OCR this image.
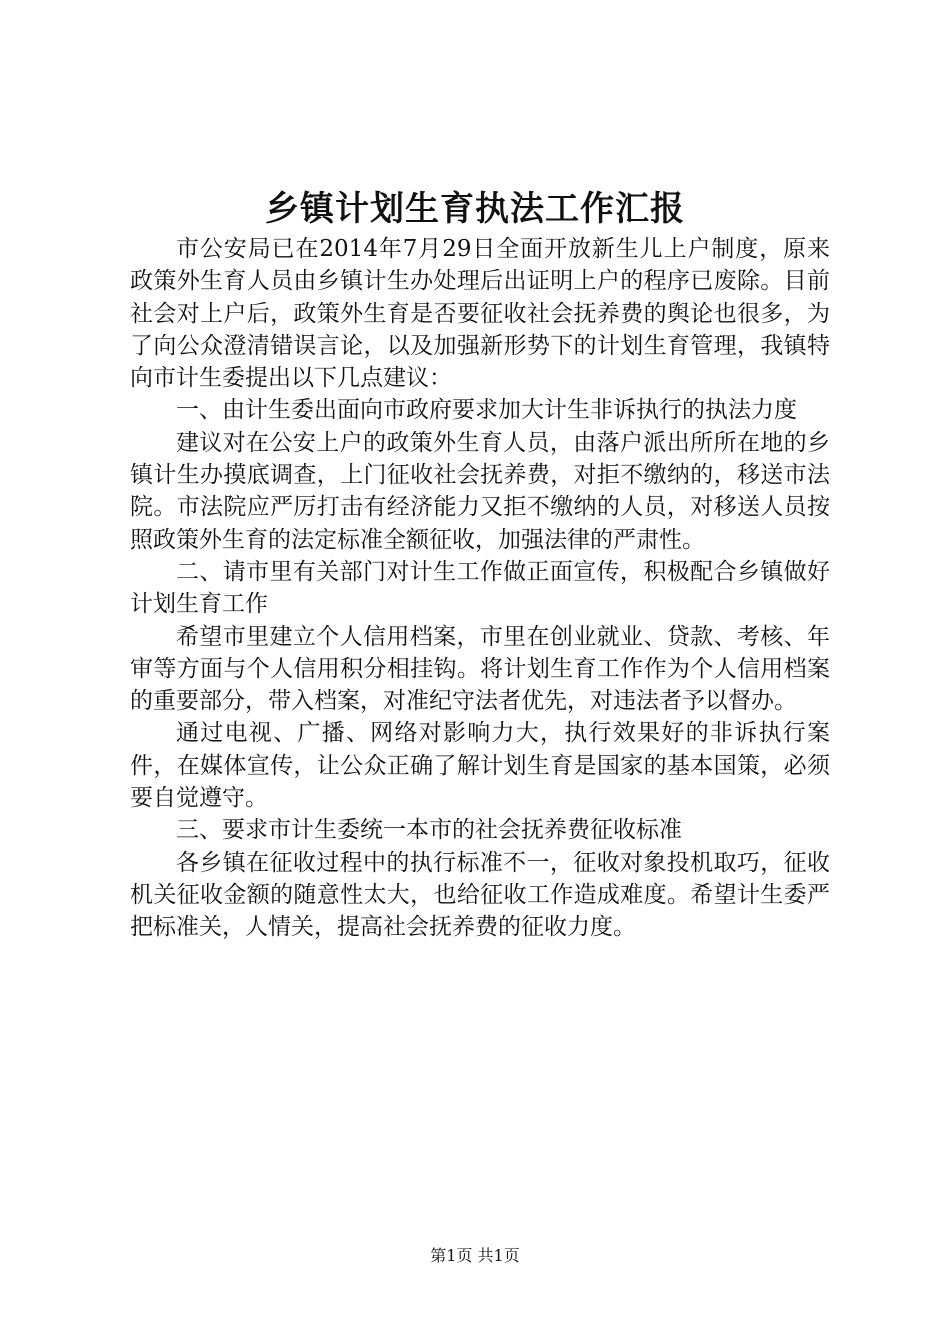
乡镇计划生育执法工作汇报

市公安局已在2014年7月29日全面开放新生儿上户制度，原来政策外生育人员由乡镇计生办处理后出证明上户的程序已废除。目前社会对上户后，政策外生育是否要征收社会抚养费的舆论也很多，为了向公众澄清错误言论，以及加强新形势下的计划生育管理，我镇特向市计生委提出以下几点建议：

一、由计生委出面向市政府要求加大计生非诉执行的执法力度

建议对在公安上户的政策外生育人员，由落户派出所所在地的乡镇计生办摸底调查，上门征收社会抚养费，对拒不缴纳的，移送市法院。市法院应严厉打击有经济能力又拒不缴纳的人员，对移送人员按照政策外生育的法定标准全额征收，加强法律的严肃性。

二、请市里有关部门对计生工作做正面宣传，积极配合乡镇做好计划生育工作

希望市里建立个人信用档案，市里在创业就业、贷款、考核、年审等方面与个人信用积分相挂钩。将计划生育工作作为个人信用档案的重要部分，带入档案，对准纪守法者优先，对违法者予以督办。

通过电视、广播、网络对影响力大，执行效果好的非诉执行案件，在媒体宣传，让公众正确了解计划生育是国家的基本国策，必须要自觉遵守。

三、要求市计生委统一本市的社会抚养费征收标准

各乡镇在征收过程中的执行标准不一，征收对象投机取巧，征收机关征收金额的随意性太大，也给征收工作造成难度。希望计生委严把标准关，人情关，提高社会抚养费的征收力度。

第1页 共1页
